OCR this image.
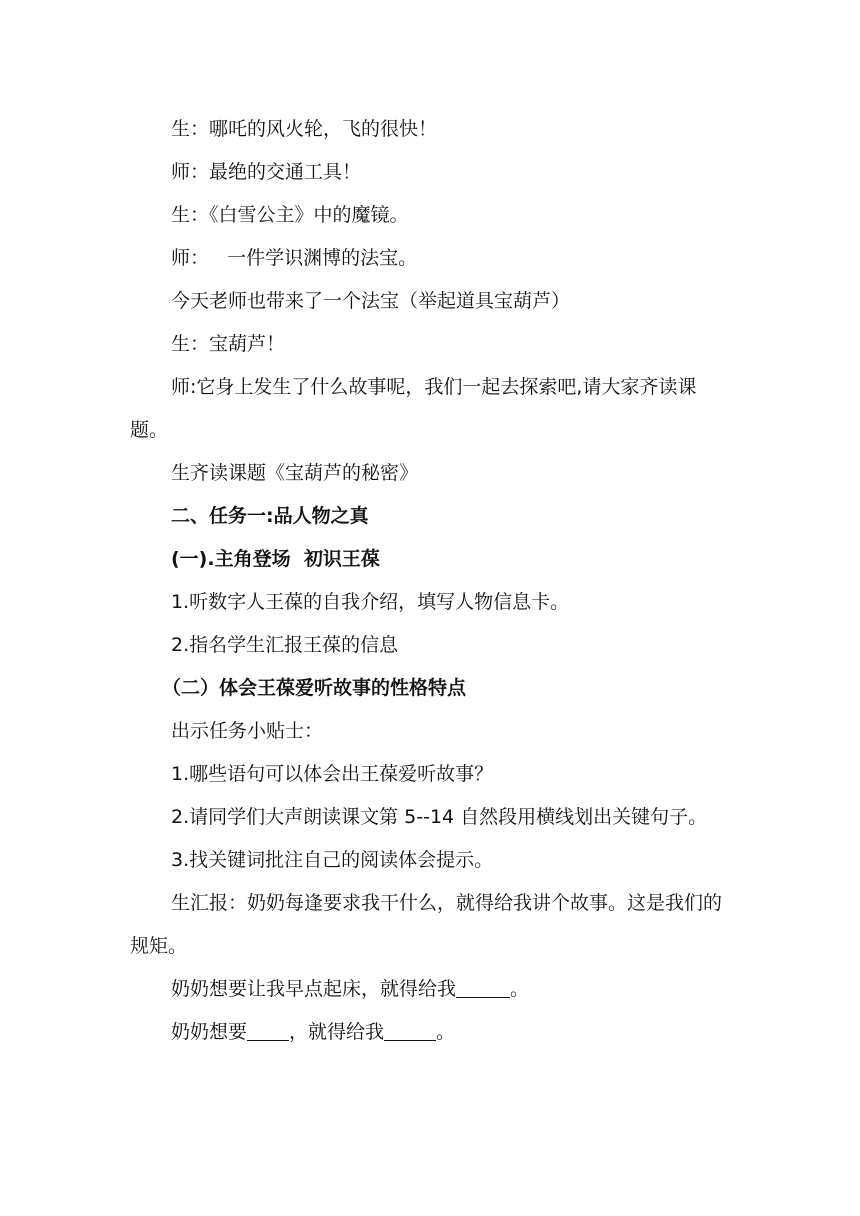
生：哪吒的风火轮，飞的很快！

师：最绝的交通工具！

生：《白雪公主》中的魔镜。

师：   一件学识渊博的法宝。

今天老师也带来了一个法宝（举起道具宝葫芦）

生：宝葫芦！

师:它身上发生了什么故事呢，我们一起去探索吧,请大家齐读课题。

生齐读课题《宝葫芦的秘密》

二、任务一:品人物之真

(一).主角登场  初识王葆

1.听数字人王葆的自我介绍，填写人物信息卡。

2.指名学生汇报王葆的信息

（二）体会王葆爱听故事的性格特点

出示任务小贴士：

1.哪些语句可以体会出王葆爱听故事？

2.请同学们大声朗读课文第 5--14 自然段用横线划出关键句子。

3.找关键词批注自己的阅读体会提示。

生汇报：奶奶每逢要求我干什么，就得给我讲个故事。这是我们的规矩。

奶奶想要让我早点起床，就得给我	。

奶奶想要 ，就得给我	。
